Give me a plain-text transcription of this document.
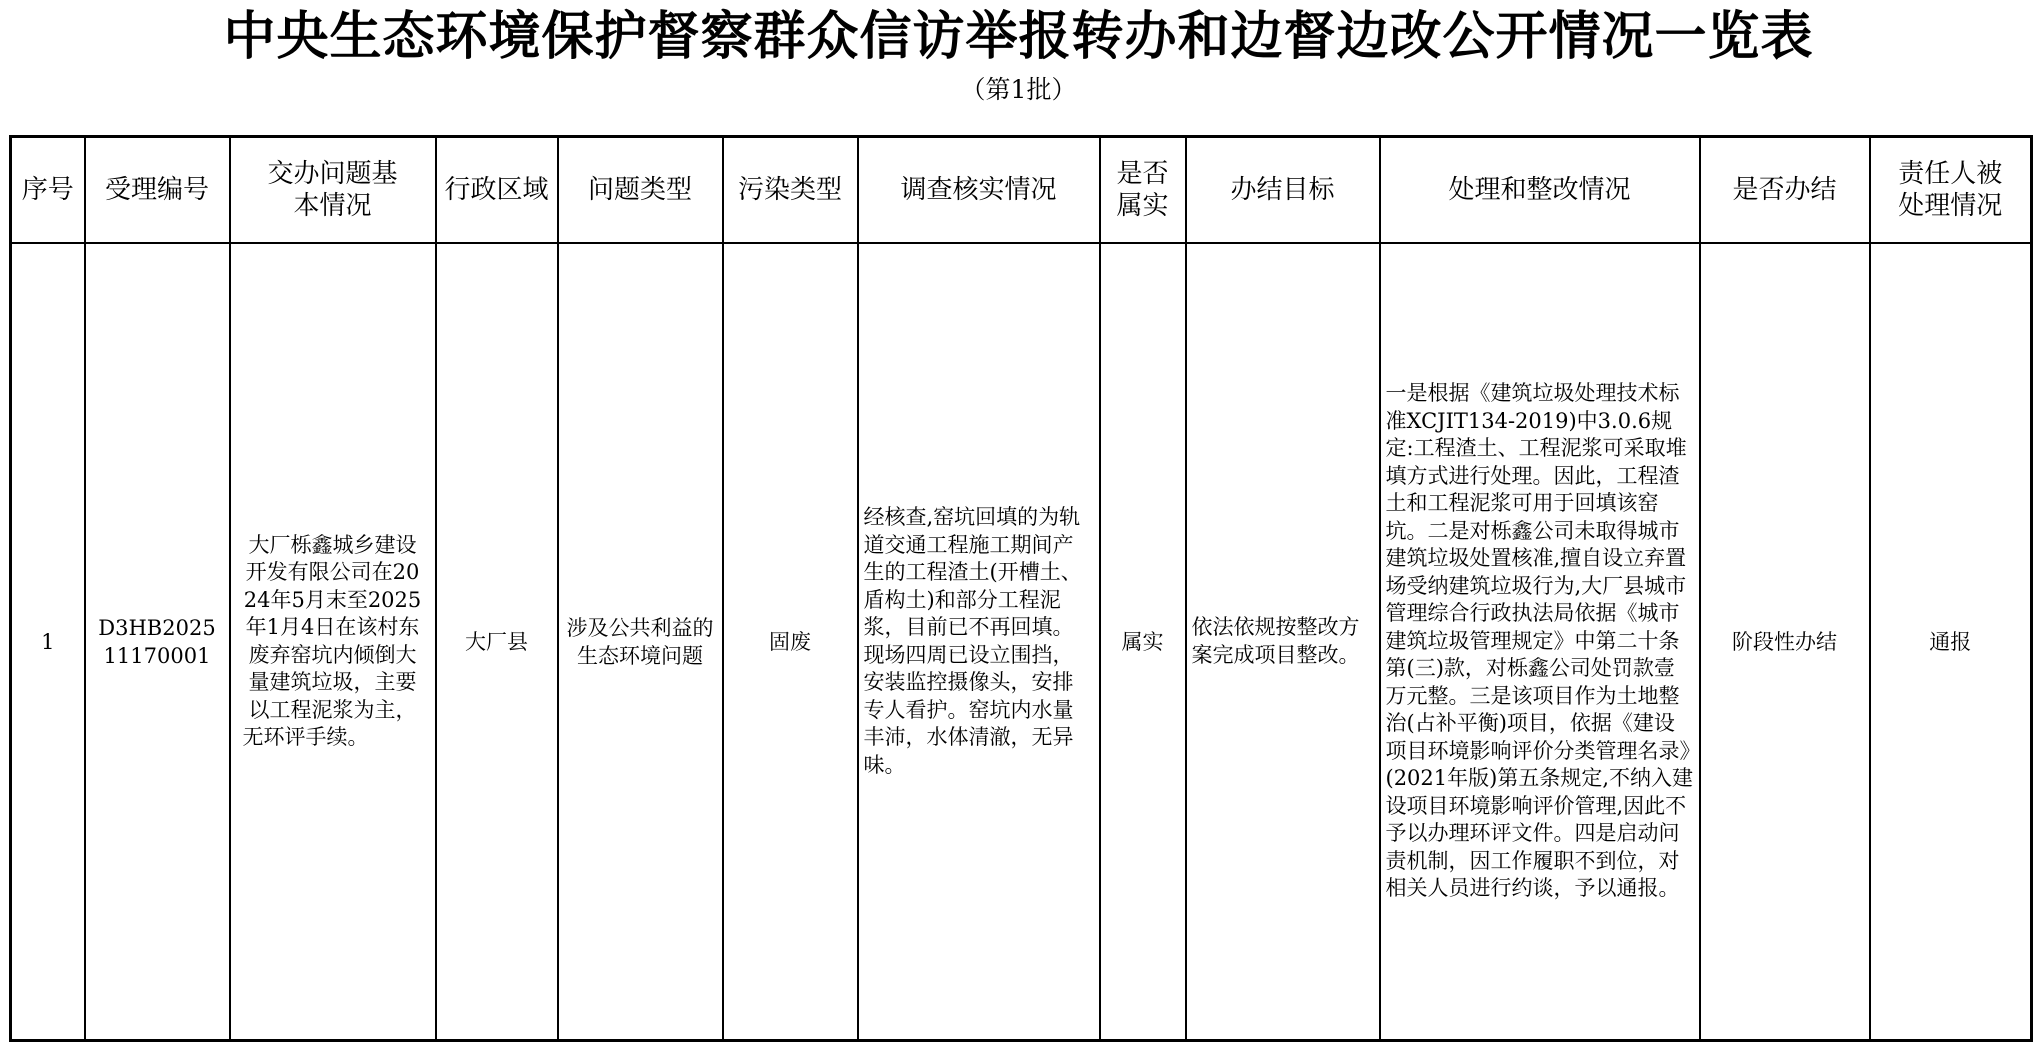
中央生态环境保护督察群众信访举报转办和边督边改公开情况一览表
（第1批）
序号	受理编号	交办问题基本情况	行政区域	问题类型	污染类型	调查核实情况	是否属实	办结目标	处理和整改情况	是否办结	责任人被处理情况
1	D3HB202511170001	大厂栎鑫城乡建设开发有限公司在2024年5月末至2025年1月4日在该村东废弃窑坑内倾倒大量建筑垃圾，主要以工程泥浆为主，无环评手续。	大厂县	涉及公共利益的生态环境问题	固废	经核查,窑坑回填的为轨道交通工程施工期间产生的工程渣土(开槽土、盾构土)和部分工程泥浆，目前已不再回填。现场四周已设立围挡，安装监控摄像头，安排专人看护。窑坑内水量丰沛，水体清澈，无异味。	属实	依法依规按整改方案完成项目整改。	一是根据《建筑垃圾处理技术标准XCJIT134-2019)中3.0.6规定:工程渣土、工程泥浆可采取堆填方式进行处理。因此，工程渣土和工程泥浆可用于回填该窑坑。二是对栎鑫公司未取得城市建筑垃圾处置核准,擅自设立弃置场受纳建筑垃圾行为,大厂县城市管理综合行政执法局依据《城市建筑垃圾管理规定》中第二十条第(三)款，对栎鑫公司处罚款壹万元整。三是该项目作为土地整治(占补平衡)项目，依据《建设项目环境影响评价分类管理名录》(2021年版)第五条规定,不纳入建设项目环境影响评价管理,因此不予以办理环评文件。四是启动问责机制，因工作履职不到位，对相关人员进行约谈，予以通报。	阶段性办结	通报
